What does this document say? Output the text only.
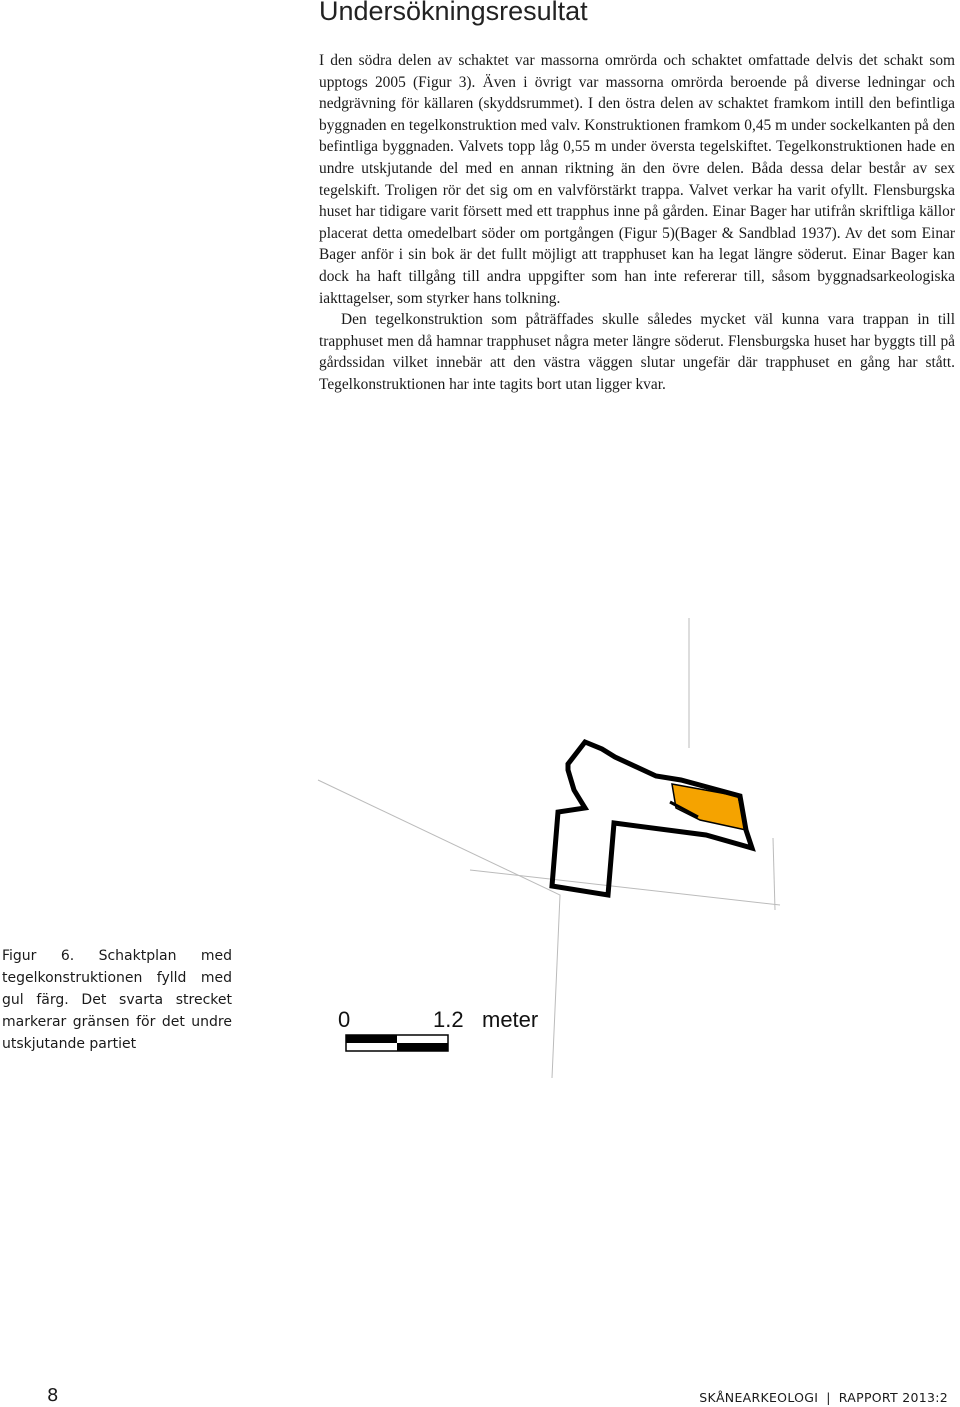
Undersökningsresultat

I den södra delen av schaktet var massorna omrörda och schaktet omfattade delvis det schakt som upptogs 2005 (Figur 3). Även i övrigt var massorna omrörda beroende på diverse ledningar och nedgrävning för källaren (skyddsrummet). I den östra delen av schaktet framkom intill den befintliga byggnaden en tegelkonstruktion med valv. Konstruktionen framkom 0,45 m under sockelkanten på den befintliga byggnaden. Valvets topp låg 0,55 m under översta tegelskiftet. Tegelkonstruktionen hade en undre utskjutande del med en annan riktning än den övre delen. Båda dessa delar består av sex tegelskift. Troligen rör det sig om en valvförstärkt trappa. Valvet verkar ha varit ofyllt. Flensburgska huset har tidigare varit försett med ett trapphus inne på gården. Einar Bager har utifrån skriftliga källor placerat detta omedelbart söder om portgången (Figur 5)(Bager & Sandblad 1937). Av det som Einar Bager anför i sin bok är det fullt möjligt att trapphuset kan ha legat längre söderut. Einar Bager kan dock ha haft tillgång till andra uppgifter som han inte refererar till, såsom byggnadsarkeologiska iakttagelser, som styrker hans tolkning.

Den tegelkonstruktion som påträffades skulle således mycket väl kunna vara trappan in till trapphuset men då hamnar trapphuset några meter längre söderut. Flensburgska huset har byggts till på gårdssidan vilket innebär att den västra väggen slutar ungefär där trapphuset en gång har stått. Tegelkonstruktionen har inte tagits bort utan ligger kvar.

0	1.2 meter
Figur 6. Schaktplan med tegelkonstruktionen fylld med gul färg. Det svarta strecket markerar gränsen för det undre utskjutande partiet
8	SKÅNEARKEOLOGI | RAPPORT 2013:2
